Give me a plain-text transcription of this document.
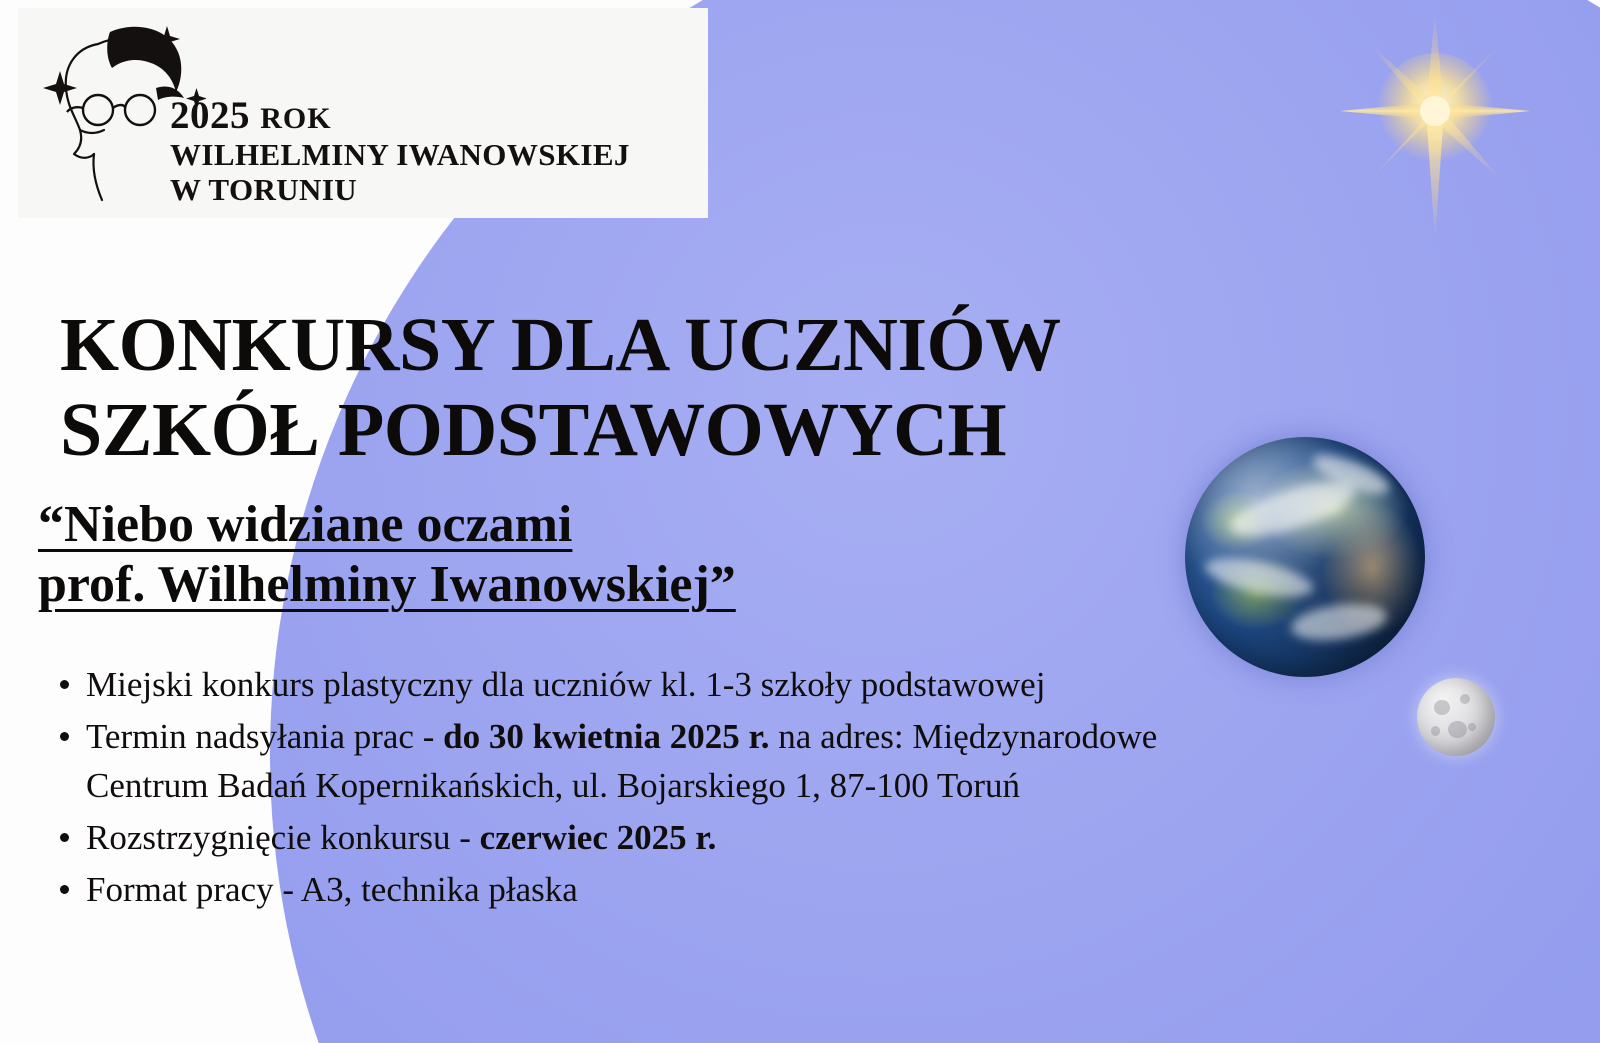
2025 ROK
WILHELMINY IWANOWSKIEJ
W TORUNIU
KONKURSY DLA UCZNIÓW
SZKÓŁ PODSTAWOWYCH
“Niebo widziane oczami
prof. Wilhelminy Iwanowskiej”
Miejski konkurs plastyczny dla uczniów kl. 1-3 szkoły podstawowej
Termin nadsyłania prac - do 30 kwietnia 2025 r. na adres: Międzynarodowe Centrum Badań Kopernikańskich, ul. Bojarskiego 1, 87-100 Toruń
Rozstrzygnięcie konkursu - czerwiec 2025 r.
Format pracy - A3, technika płaska
